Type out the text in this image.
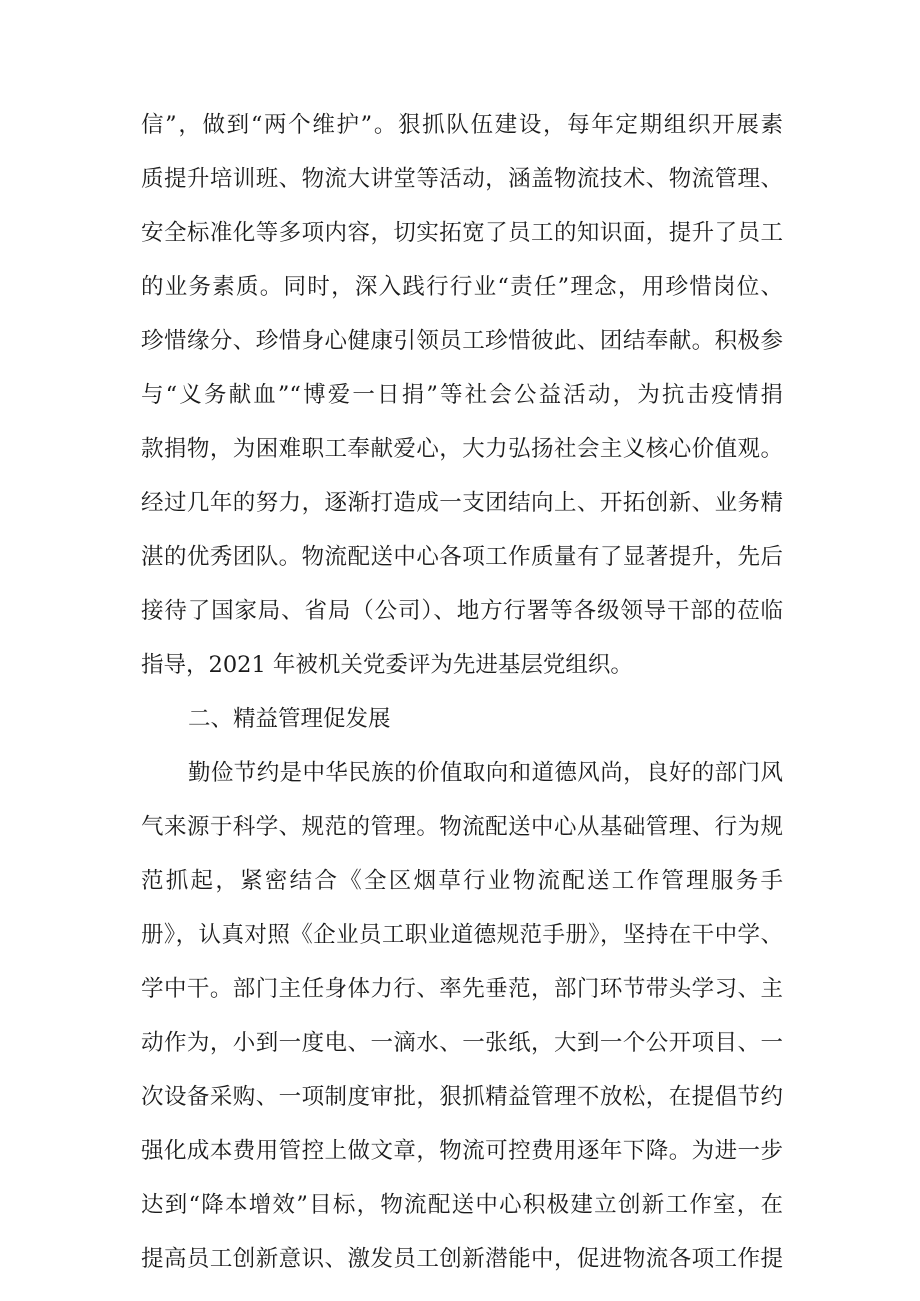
信”，做到“两个维护”。狠抓队伍建设，每年定期组织开展素
质提升培训班、物流大讲堂等活动，涵盖物流技术、物流管理、
安全标准化等多项内容，切实拓宽了员工的知识面，提升了员工
的业务素质。同时，深入践行行业“责任”理念，用珍惜岗位、
珍惜缘分、珍惜身心健康引领员工珍惜彼此、团结奉献。积极参
与“义务献血”“博爱一日捐”等社会公益活动，为抗击疫情捐
款捐物，为困难职工奉献爱心，大力弘扬社会主义核心价值观。
经过几年的努力，逐渐打造成一支团结向上、开拓创新、业务精
湛的优秀团队。物流配送中心各项工作质量有了显著提升，先后
接待了国家局、省局（公司）、地方行署等各级领导干部的莅临
指导，2021 年被机关党委评为先进基层党组织。
二、精益管理促发展
勤俭节约是中华民族的价值取向和道德风尚，良好的部门风
气来源于科学、规范的管理。物流配送中心从基础管理、行为规
范抓起，紧密结合《全区烟草行业物流配送工作管理服务手
册》，认真对照《企业员工职业道德规范手册》，坚持在干中学、
学中干。部门主任身体力行、率先垂范，部门环节带头学习、主
动作为，小到一度电、一滴水、一张纸，大到一个公开项目、一
次设备采购、一项制度审批，狠抓精益管理不放松，在提倡节约
强化成本费用管控上做文章，物流可控费用逐年下降。为进一步
达到“降本增效”目标，物流配送中心积极建立创新工作室，在
提高员工创新意识、激发员工创新潜能中，促进物流各项工作提
